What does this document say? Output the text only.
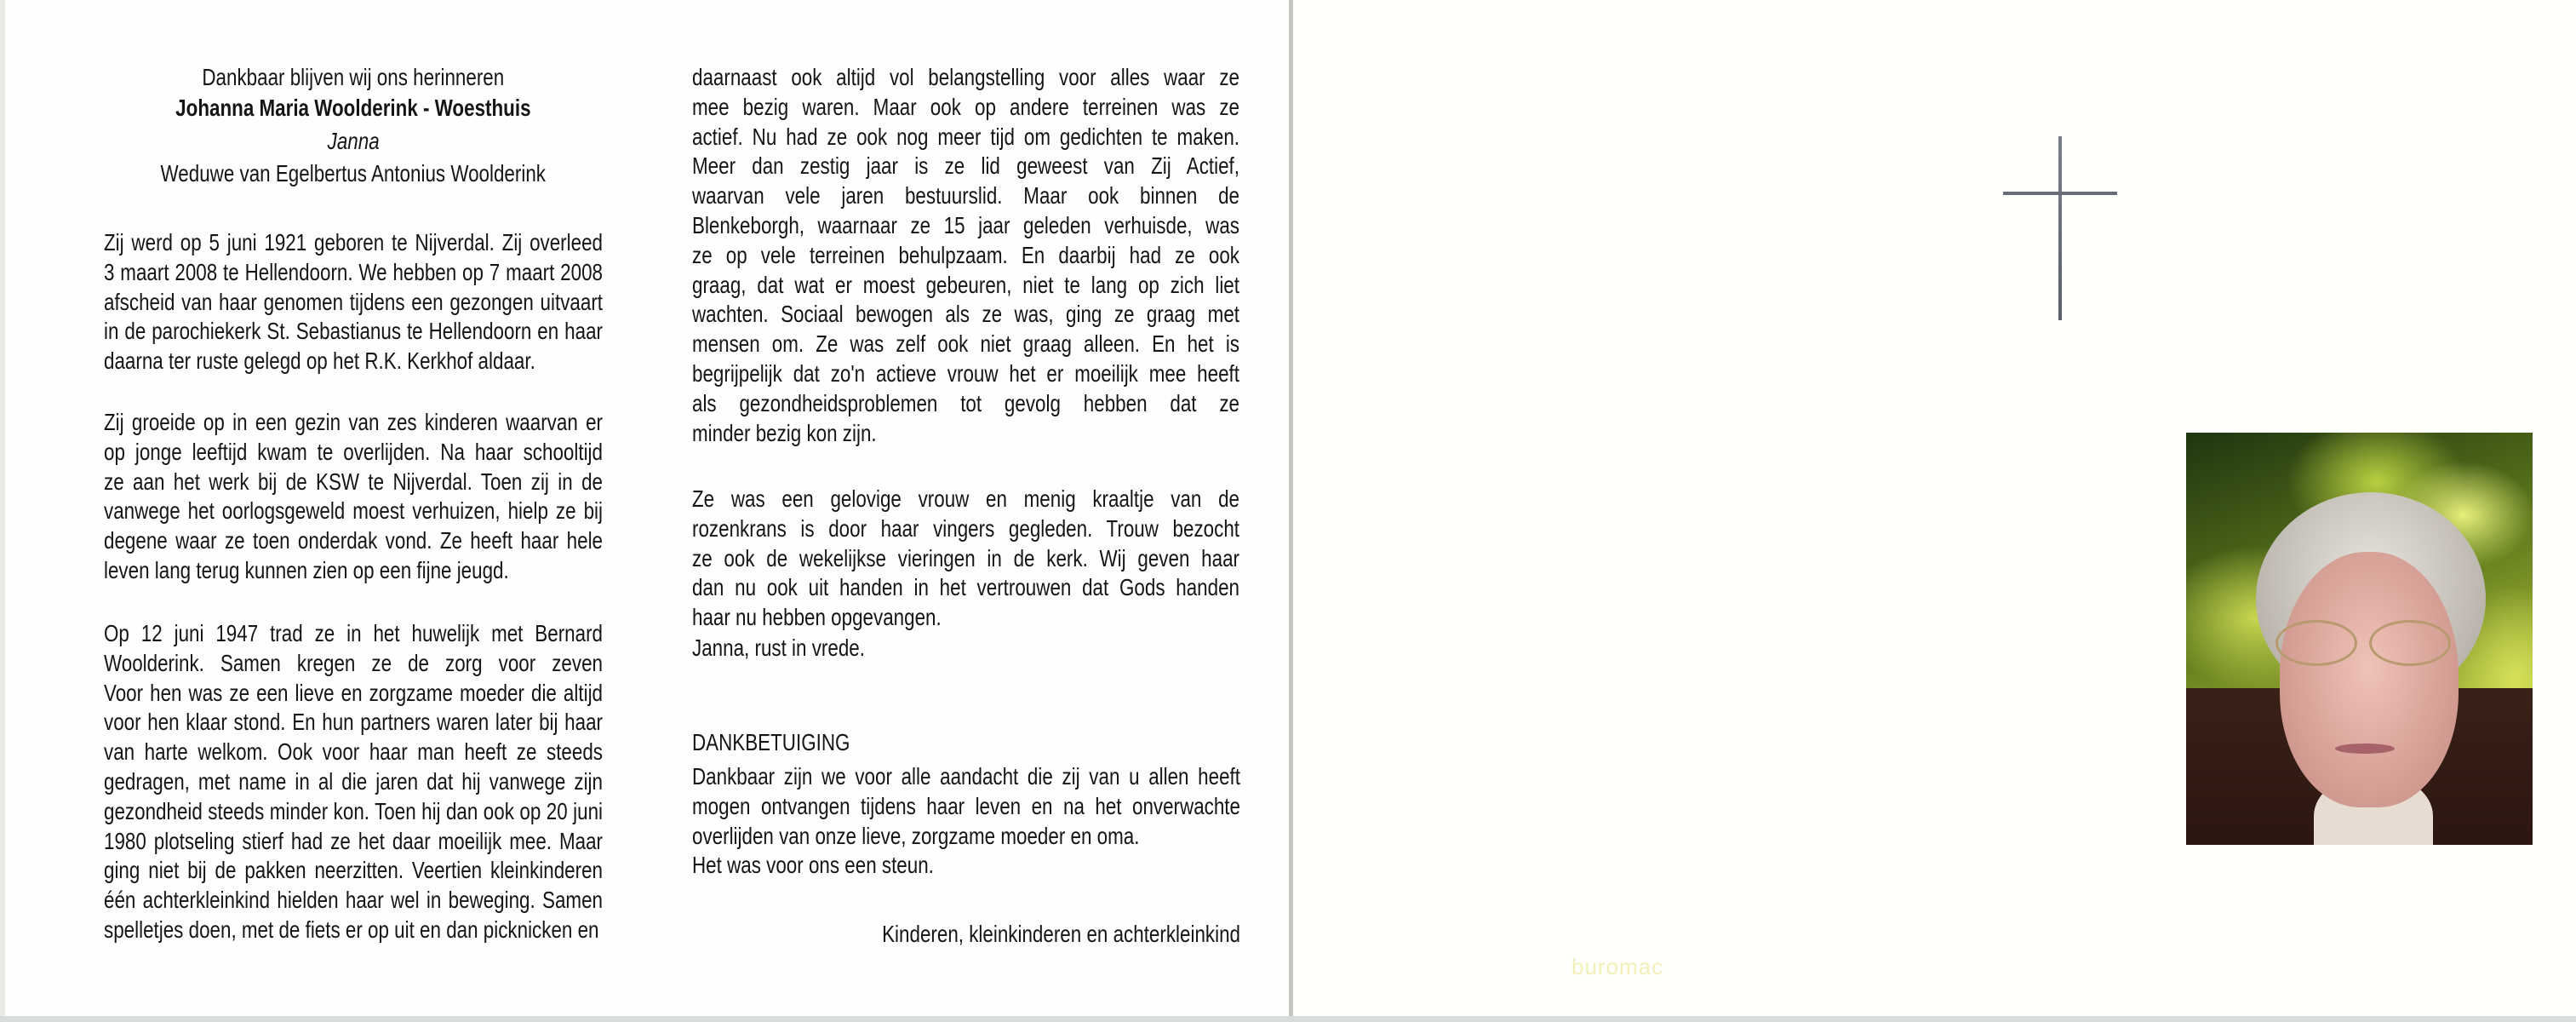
Dankbaar blijven wij ons herinneren
Johanna Maria Woolderink - Woesthuis
Janna
Weduwe van Egelbertus Antonius Woolderink
Zij werd op 5 juni 1921 geboren te Nijverdal. Zij overleed
3 maart 2008 te Hellendoorn. We hebben op 7 maart 2008
afscheid van haar genomen tijdens een gezongen uitvaart
in de parochiekerk St. Sebastianus te Hellendoorn en haar
daarna ter ruste gelegd op het R.K. Kerkhof aldaar.
Zij groeide op in een gezin van zes kinderen waarvan er
op jonge leeftijd kwam te overlijden. Na haar schooltijd
ze aan het werk bij de KSW te Nijverdal. Toen zij in de
vanwege het oorlogsgeweld moest verhuizen, hielp ze bij
degene waar ze toen onderdak vond. Ze heeft haar hele
leven lang terug kunnen zien op een fijne jeugd.
Op 12 juni 1947 trad ze in het huwelijk met Bernard
Woolderink. Samen kregen ze de zorg voor zeven
Voor hen was ze een lieve en zorgzame moeder die altijd
voor hen klaar stond. En hun partners waren later bij haar
van harte welkom. Ook voor haar man heeft ze steeds
gedragen, met name in al die jaren dat hij vanwege zijn
gezondheid steeds minder kon. Toen hij dan ook op 20 juni
1980 plotseling stierf had ze het daar moeilijk mee. Maar
ging niet bij de pakken neerzitten. Veertien kleinkinderen
één achterkleinkind hielden haar wel in beweging. Samen
spelletjes doen, met de fiets er op uit en dan picknicken en
daarnaast ook altijd vol belangstelling voor alles waar ze
mee bezig waren. Maar ook op andere terreinen was ze
actief. Nu had ze ook nog meer tijd om gedichten te maken.
Meer dan zestig jaar is ze lid geweest van Zij Actief,
waarvan vele jaren bestuurslid. Maar ook binnen de
Blenkeborgh, waarnaar ze 15 jaar geleden verhuisde, was
ze op vele terreinen behulpzaam. En daarbij had ze ook
graag, dat wat er moest gebeuren, niet te lang op zich liet
wachten. Sociaal bewogen als ze was, ging ze graag met
mensen om. Ze was zelf ook niet graag alleen. En het is
begrijpelijk dat zo'n actieve vrouw het er moeilijk mee heeft
als gezondheidsproblemen tot gevolg hebben dat ze
minder bezig kon zijn.
Ze was een gelovige vrouw en menig kraaltje van de
rozenkrans is door haar vingers gegleden. Trouw bezocht
ze ook de wekelijkse vieringen in de kerk. Wij geven haar
dan nu ook uit handen in het vertrouwen dat Gods handen
haar nu hebben opgevangen.
Janna, rust in vrede.
DANKBETUIGING
Dankbaar zijn we voor alle aandacht die zij van u allen heeft
mogen ontvangen tijdens haar leven en na het onverwachte
overlijden van onze lieve, zorgzame moeder en oma.
Het was voor ons een steun.
Kinderen, kleinkinderen en achterkleinkind
buromac
